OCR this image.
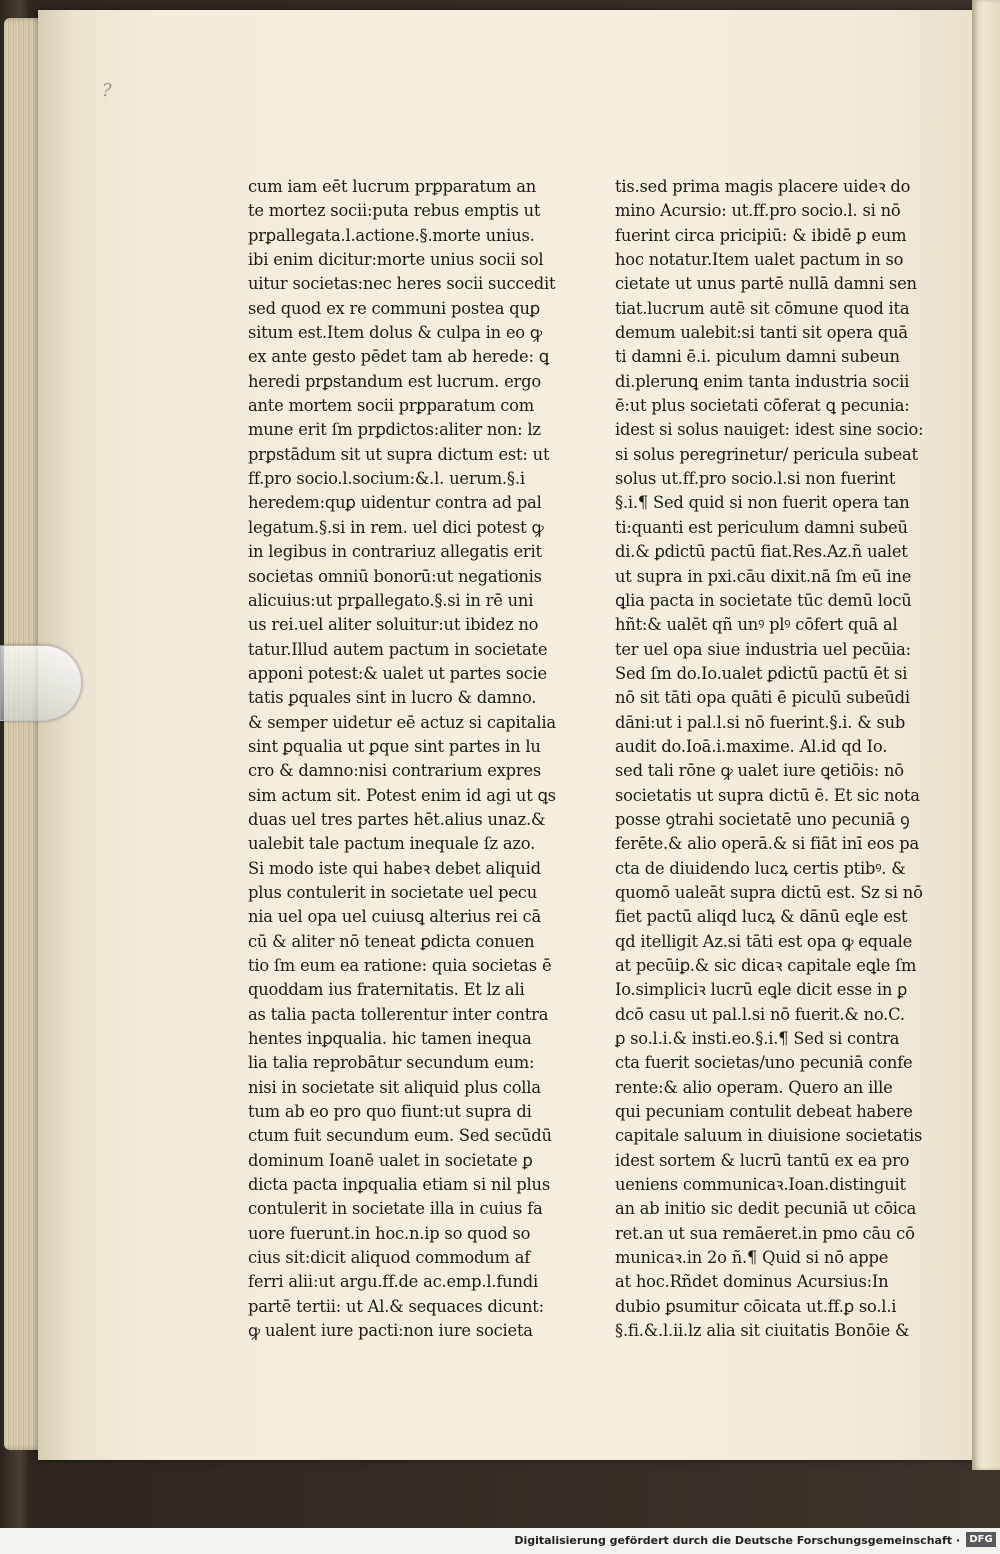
?
cum iam eēt lucrum prꝑparatum an
te mortez socii:puta rebus emptis ut
prꝑallegata.l.actione.§.morte unius.
ibi enim dicitur:morte unius socii sol
uitur societas:nec heres socii succedit
sed quod ex re communi postea quꝑ
situm est.Item dolus & culpa in eo ꝙ
ex ante gesto pēdet tam ab herede: ꝗ
heredi prꝑstandum est lucrum. ergo
ante mortem socii prꝑparatum com
mune erit ſm prꝑdictos:aliter non: lz
prꝑstādum sit ut supra dictum est: ut
ff.pro socio.l.socium:&.l. uerum.§.i
heredem:quꝑ uidentur contra ad pal
legatum.§.si in rem. uel dici potest ꝙ
in legibus in contrariuz allegatis erit
societas omniū bonorū:ut negationis
alicuius:ut prꝑallegato.§.si in rē uni
us rei.uel aliter soluitur:ut ibidez no
tatur.Illud autem pactum in societate
apponi potest:& ualet ut partes socie
tatis ꝑquales sint in lucro & damno.
& semper uidetur eē actuz si capitalia
sint ꝑqualia ut ꝑque sint partes in lu
cro & damno:nisi contrarium expres
sim actum sit. Potest enim id agi ut ꝗs
duas uel tres partes hēt.alius unaz.&
ualebit tale pactum inequale ſz azo.
Si modo iste qui habeꝛ debet aliquid
plus contulerit in societate uel pecu
nia uel opa uel cuiusꝗ alterius rei cā
cū & aliter nō teneat ꝑdicta conuen
tio ſm eum ea ratione: quia societas ē
quoddam ius fraternitatis. Et lz ali
as talia pacta tollerentur inter contra
hentes inꝑqualia. hic tamen inequa
lia talia reprobātur secundum eum:
nisi in societate sit aliquid plus colla
tum ab eo pro quo fiunt:ut supra di
ctum fuit secundum eum. Sed secūdū
dominum Ioanē ualet in societate ꝑ
dicta pacta inꝑqualia etiam si nil plus
contulerit in societate illa in cuius fa
uore fuerunt.in hoc.n.ip so quod so
cius sit:dicit aliquod commodum af
ferri alii:ut argu.ff.de ac.emp.l.fundi
partē tertii: ut Al.& sequaces dicunt:
ꝙ ualent iure pacti:non iure societa
tis.sed prima magis placere uideꝛ do
mino Acursio: ut.ff.pro socio.l. si nō
fuerint circa pricipiū: & ibidē ꝑ eum
hoc notatur.Item ualet pactum in so
cietate ut unus partē nullā damni sen
tiat.lucrum autē sit cōmune quod ita
demum ualebit:si tanti sit opera quā
ti damni ē.i. piculum damni subeun
di.plerunꝗ enim tanta industria socii
ē:ut plus societati cōferat ꝗ pecunia:
idest si solus nauiget: idest sine socio:
si solus peregrinetur/ pericula subeat
solus ut.ff.pro socio.l.si non fuerint
§.i.¶ Sed quid si non fuerit opera tan
ti:quanti est periculum damni subeū
di.& ꝑdictū pactū fiat.Res.Az.ñ ualet
ut supra in pxi.cāu dixit.nā ſm eū ine
ꝗlia pacta in societate tūc demū locū
hñt:& ualēt qñ unꝰ plꝰ cōfert quā al
ter uel opa siue industria uel pecūia:
Sed ſm do.Io.ualet ꝑdictū pactū ēt si
nō sit tāti opa quāti ē piculū subeūdi
dāni:ut i pal.l.si nō fuerint.§.i. & sub
audit do.Ioā.i.maxime. Al.id qd Io.
sed tali rōne ꝙ ualet iure ꝗetiōis: nō
societatis ut supra dictū ē. Et sic nota
posse ꝯtrahi societatē uno pecuniā ꝯ
ferēte.& alio operā.& si fiāt inī eos pa
cta de diuidendo lucꝝ certis ptibꝰ. &
quomō ualeāt supra dictū est. Sz si nō
fiet pactū aliqd lucꝝ & dānū eꝗle est
qd itelligit Az.si tāti est opa ꝙ equale
at pecūiꝑ.& sic dicaꝛ capitale eꝗle ſm
Io.simpliciꝛ lucrū eꝗle dicit esse in ꝑ
dcō casu ut pal.l.si nō fuerit.& no.C.
ꝑ so.l.i.& insti.eo.§.i.¶ Sed si contra
cta fuerit societas/uno pecuniā confe
rente:& alio operam. Quero an ille
qui pecuniam contulit debeat habere
capitale saluum in diuisione societatis
idest sortem & lucrū tantū ex ea pro
ueniens communicaꝛ.Ioan.distinguit
an ab initio sic dedit pecuniā ut cōica
ret.an ut sua remāeret.in pmo cāu cō
municaꝛ.in 2o ñ.¶ Quid si nō appe
at hoc.Rñdet dominus Acursius:In
dubio ꝑsumitur cōicata ut.ff.ꝑ so.l.i
§.fi.&.l.ii.lz alia sit ciuitatis Bonōie &
Digitalisierung gefördert durch die Deutsche Forschungsgemeinschaft · DFG
